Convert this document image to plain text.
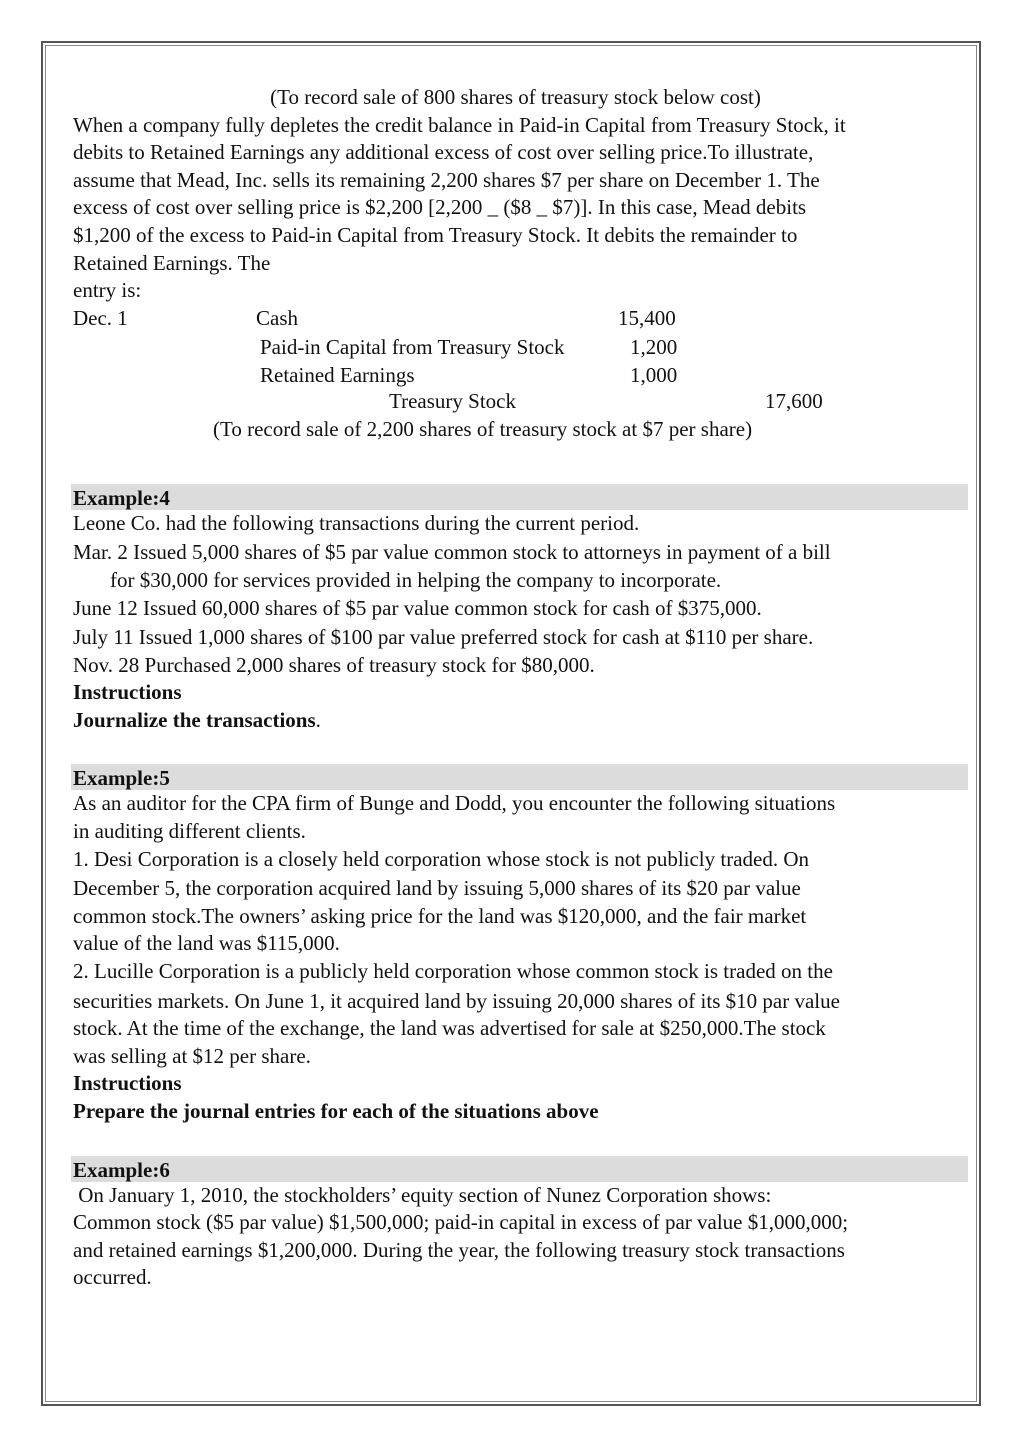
(To record sale of 800 shares of treasury stock below cost)
When a company fully depletes the credit balance in Paid-in Capital from Treasury Stock, it
debits to Retained Earnings any additional excess of cost over selling price.To illustrate,
assume that Mead, Inc. sells its remaining 2,200 shares $7 per share on December 1. The
excess of cost over selling price is $2,200 [2,200 _ ($8 _ $7)]. In this case, Mead debits
$1,200 of the excess to Paid-in Capital from Treasury Stock. It debits the remainder to
Retained Earnings. The
entry is:
Dec. 1	Cash	15,400
Paid-in Capital from Treasury Stock	1,200
Retained Earnings	1,000
Treasury Stock	17,600
(To record sale of 2,200 shares of treasury stock at $7 per share)
Example:4
Leone Co. had the following transactions during the current period.
Mar. 2 Issued 5,000 shares of $5 par value common stock to attorneys in payment of a bill
for $30,000 for services provided in helping the company to incorporate.
June 12 Issued 60,000 shares of $5 par value common stock for cash of $375,000.
July 11 Issued 1,000 shares of $100 par value preferred stock for cash at $110 per share.
Nov. 28 Purchased 2,000 shares of treasury stock for $80,000.
Instructions
Journalize the transactions.
Example:5
As an auditor for the CPA firm of Bunge and Dodd, you encounter the following situations
in auditing different clients.
1. Desi Corporation is a closely held corporation whose stock is not publicly traded. On
December 5, the corporation acquired land by issuing 5,000 shares of its $20 par value
common stock.The owners’ asking price for the land was $120,000, and the fair market
value of the land was $115,000.
2. Lucille Corporation is a publicly held corporation whose common stock is traded on the
securities markets. On June 1, it acquired land by issuing 20,000 shares of its $10 par value
stock. At the time of the exchange, the land was advertised for sale at $250,000.The stock
was selling at $12 per share.
Instructions
Prepare the journal entries for each of the situations above
Example:6
On January 1, 2010, the stockholders’ equity section of Nunez Corporation shows:
Common stock ($5 par value) $1,500,000; paid-in capital in excess of par value $1,000,000;
and retained earnings $1,200,000. During the year, the following treasury stock transactions
occurred.
